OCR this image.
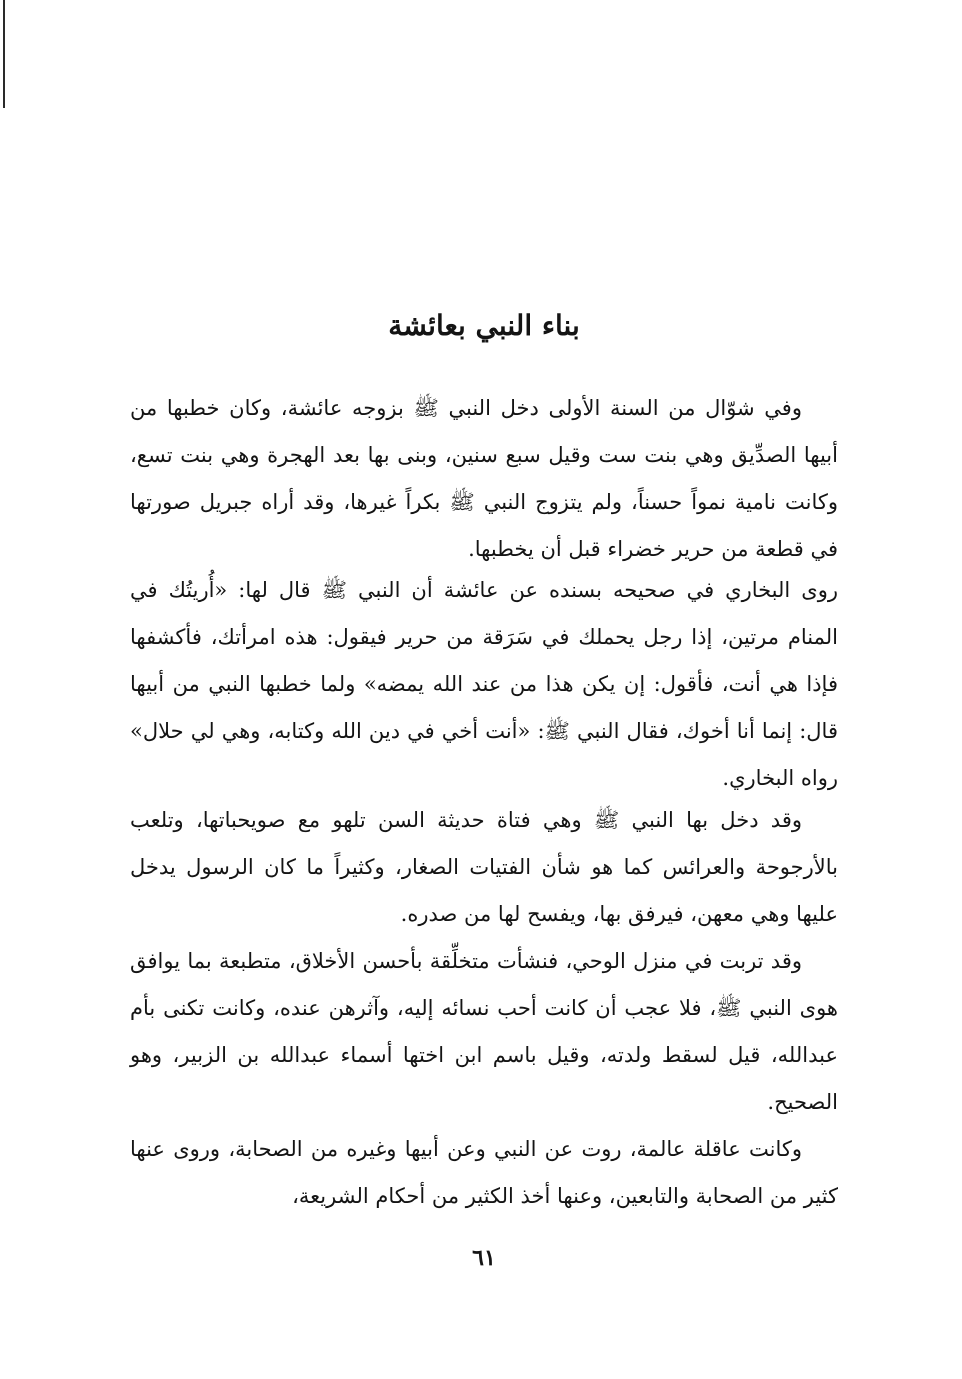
بناء النبي بعائشة

وفي شوّال من السنة الأولى دخل النبي ﷺ بزوجه عائشة، وكان خطبها من أبيها الصدِّيق وهي بنت ست وقيل سبع سنين، وبنى بها بعد الهجرة وهي بنت تسع، وكانت نامية نمواً حسناً، ولم يتزوج النبي ﷺ بكراً غيرها، وقد أراه جبريل صورتها في قطعة من حرير خضراء قبل أن يخطبها.

روى البخاري في صحيحه بسنده عن عائشة أن النبي ﷺ قال لها: «أُريتُك في المنام مرتين، إذا رجل يحملك في سَرَقة من حرير فيقول: هذه امرأتك، فأكشفها فإذا هي أنت، فأقول: إن يكن هذا من عند الله يمضه» ولما خطبها النبي من أبيها قال: إنما أنا أخوك، فقال النبي ﷺ: «أنت أخي في دين الله وكتابه، وهي لي حلال» رواه البخاري.

وقد دخل بها النبي ﷺ وهي فتاة حديثة السن تلهو مع صويحباتها، وتلعب بالأرجوحة والعرائس كما هو شأن الفتيات الصغار، وكثيراً ما كان الرسول يدخل عليها وهي معهن، فيرفق بها، ويفسح لها من صدره.

وقد تربت في منزل الوحي، فنشأت متخلِّقة بأحسن الأخلاق، متطبعة بما يوافق هوى النبي ﷺ، فلا عجب أن كانت أحب نسائه إليه، وآثرهن عنده، وكانت تكنى بأم عبدالله، قيل لسقط ولدته، وقيل باسم ابن اختها أسماء عبدالله بن الزبير، وهو الصحيح.

وكانت عاقلة عالمة، روت عن النبي وعن أبيها وغيره من الصحابة، وروى عنها كثير من الصحابة والتابعين، وعنها أخذ الكثير من أحكام الشريعة،

٦١
